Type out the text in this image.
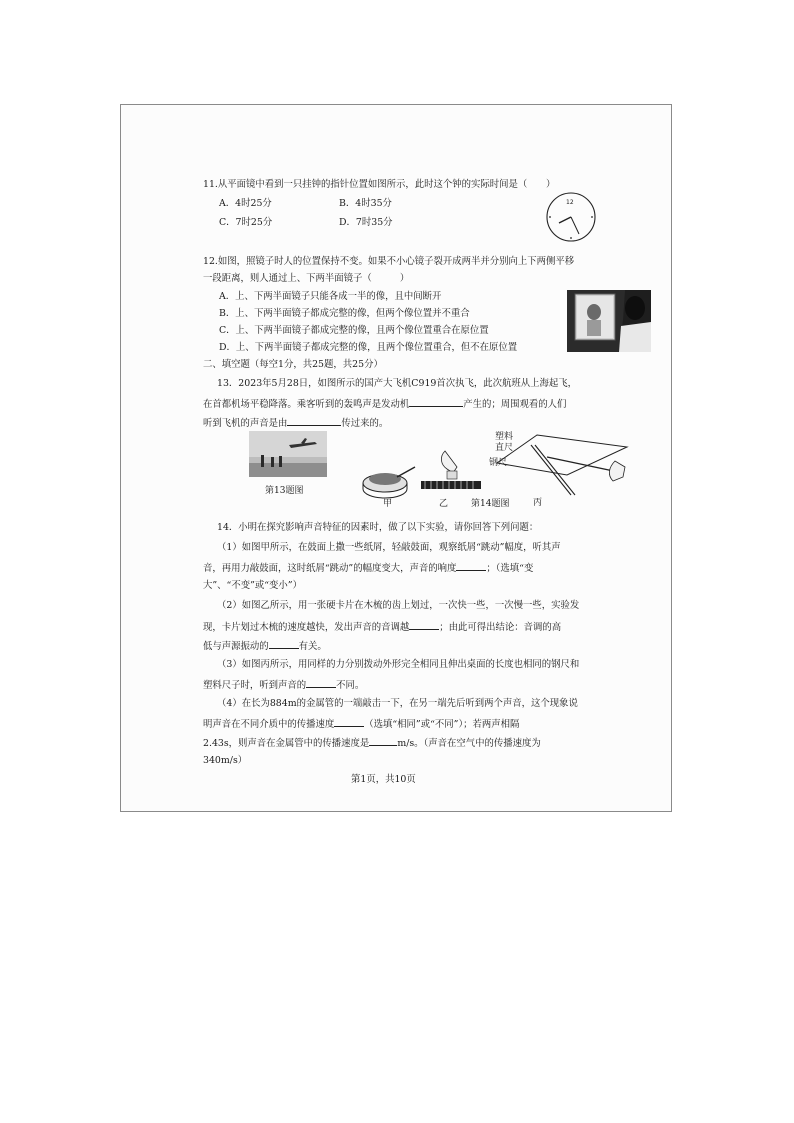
11.从平面镜中看到一只挂钟的指针位置如图所示，此时这个钟的实际时间是（　　）
A．4时25分	B．4时35分
C．7时25分	D．7时35分
12
12.如图，照镜子时人的位置保持不变。如果不小心镜子裂开成两半并分别向上下两侧平移
一段距离，则人通过上、下两半面镜子（　　　）
A．上、下两半面镜子只能各成一半的像，且中间断开
B．上、下两半面镜子都成完整的像，但两个像位置并不重合
C．上、下两半面镜子都成完整的像，且两个像位置重合在原位置
D．上、下两半面镜子都成完整的像，且两个像位置重合，但不在原位置
二、填空题（每空1分，共25题，共25分）
13．2023年5月28日，如图所示的国产大飞机C919首次执飞，此次航班从上海起飞，
在首都机场平稳降落。乘客听到的轰鸣声是发动机	产生的；周围观看的人们
听到飞机的声音是由	传过来的。
第13题图
甲	乙	第14题图
塑料
直尺
钢尺
丙
14．小明在探究影响声音特征的因素时，做了以下实验，请你回答下列问题：
（1）如图甲所示，在鼓面上撒一些纸屑，轻敲鼓面，观察纸屑“跳动”幅度，听其声
音，再用力敲鼓面，这时纸屑“跳动”的幅度变大，声音的响度	；（选填“变
大”、“不变”或“变小”）
（2）如图乙所示，用一张硬卡片在木梳的齿上划过，一次快一些，一次慢一些，实验发
现，卡片划过木梳的速度越快，发出声音的音调越	；由此可得出结论：音调的高
低与声源振动的	有关。
（3）如图丙所示，用同样的力分别拨动外形完全相同且伸出桌面的长度也相同的钢尺和
塑料尺子时，听到声音的	不同。
（4）在长为884m的金属管的一端敲击一下，在另一端先后听到两个声音，这个现象说
明声音在不同介质中的传播速度	（选填“相同”或“不同”）；若两声相隔
2.43s，则声音在金属管中的传播速度是	m/s。（声音在空气中的传播速度为
340m/s）
第1页，共10页
